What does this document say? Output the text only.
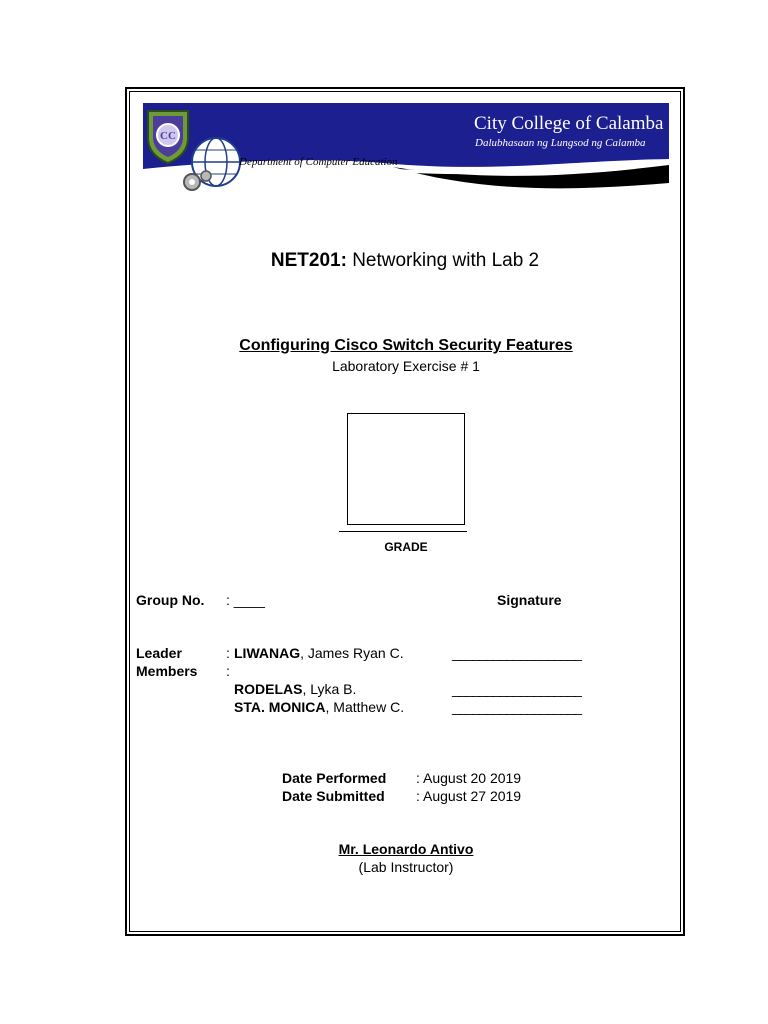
CC
City College of Calamba
Dalubhasaan ng Lungsod ng Calamba
Department of Computer Education
NET201: Networking with Lab 2
Configuring Cisco Switch Security Features
Laboratory Exercise # 1
GRADE
Group No. : ____	Signature
Leader
Members
:
:
LIWANAG, James Ryan C.
RODELAS, Lyka B.
STA. MONICA, Matthew C.
___________________
___________________
___________________
Date Performed : August 20 2019
Date Submitted : August 27 2019
Mr. Leonardo Antivo
(Lab Instructor)
